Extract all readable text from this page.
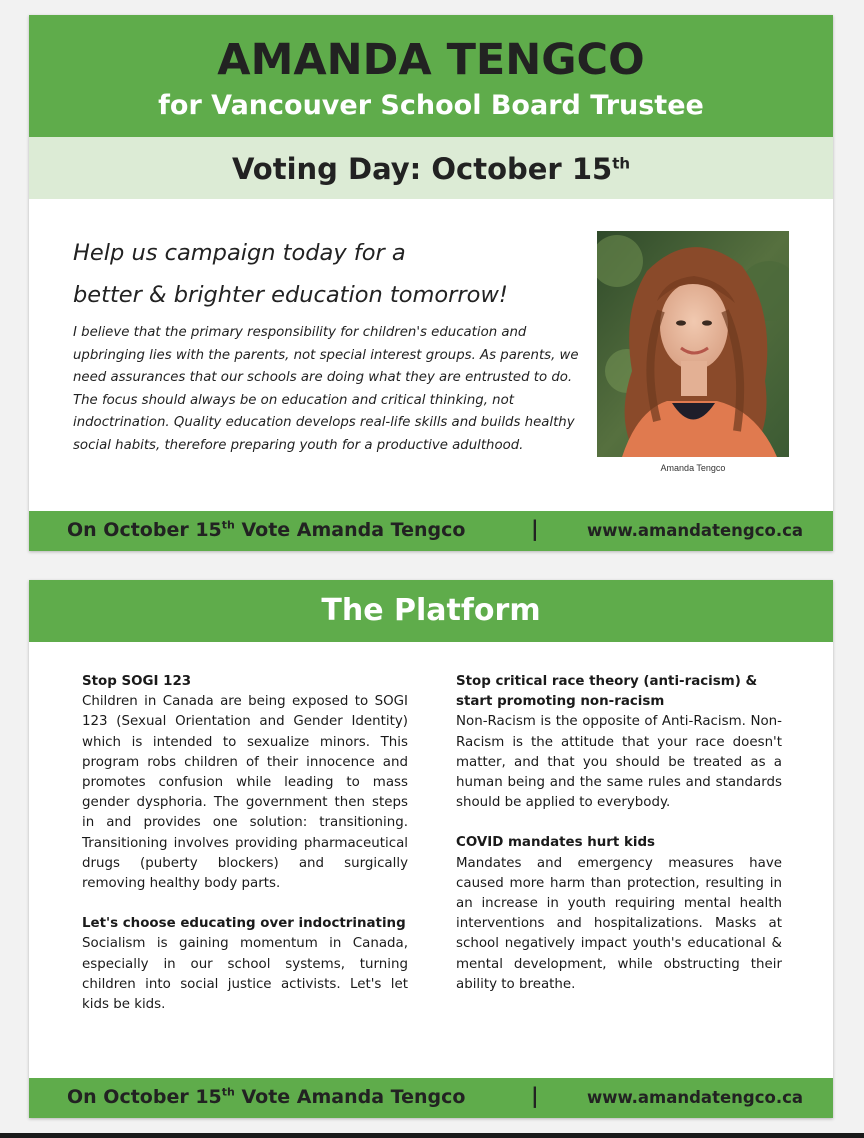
AMANDA TENGCO
for Vancouver School Board Trustee
Voting Day: October 15th
Help us campaign today for a
better & brighter education tomorrow!
I believe that the primary responsibility for children's education and upbringing lies with the parents, not special interest groups. As parents, we need assurances that our schools are doing what they are entrusted to do. The focus should always be on education and critical thinking, not indoctrination. Quality education develops real-life skills and builds healthy social habits, therefore preparing youth for a productive adulthood.
Amanda Tengco
On October 15th Vote Amanda Tengco	|	www.amandatengco.ca
The Platform
Stop SOGI 123
Children in Canada are being exposed to SOGI 123 (Sexual Orientation and Gender Identity) which is intended to sexualize minors. This program robs children of their innocence and promotes confusion while leading to mass gender dysphoria. The government then steps in and provides one solution: transitioning. Transitioning involves providing pharmaceutical drugs (puberty blockers) and surgically removing healthy body parts.
Let's choose educating over indoctrinating
Socialism is gaining momentum in Canada, especially in our school systems, turning children into social justice activists. Let's let kids be kids.
Stop critical race theory (anti-racism) & start promoting non-racism
Non-Racism is the opposite of Anti-Racism. Non-Racism is the attitude that your race doesn't matter, and that you should be treated as a human being and the same rules and standards should be applied to everybody.
COVID mandates hurt kids
Mandates and emergency measures have caused more harm than protection, resulting in an increase in youth requiring mental health interventions and hospitalizations. Masks at school negatively impact youth's educational & mental development, while obstructing their ability to breathe.
On October 15th Vote Amanda Tengco	|	www.amandatengco.ca
